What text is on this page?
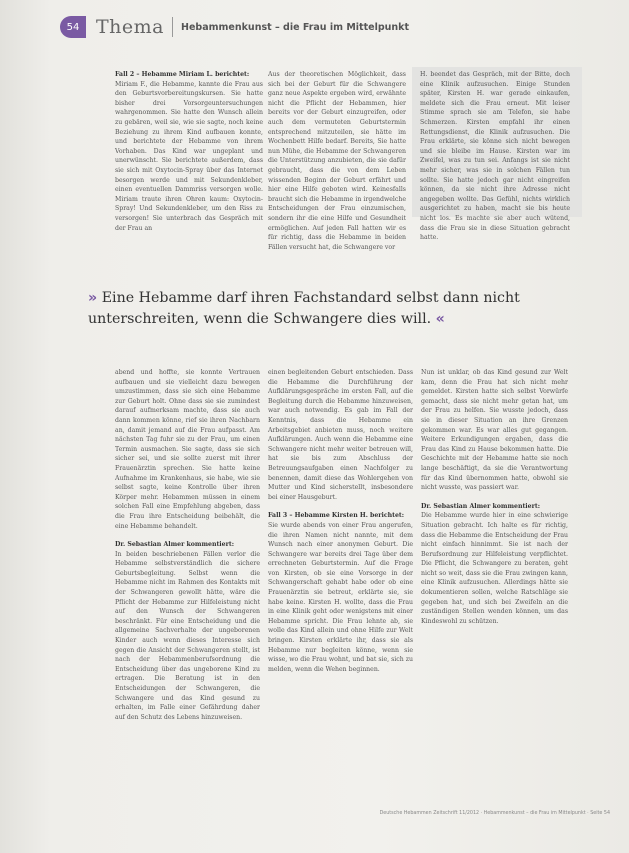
54 Thema Hebammenkunst – die Frau im Mittelpunkt

Fall 2 – Hebamme Miriam L. berichtet:

Miriam F., die Hebamme, kannte die Frau aus den Geburtsvorbereitungskursen. Sie hatte bisher drei Vorsorgeuntersuchungen wahrgenommen. Sie hatte den Wunsch allein zu gebären, weil sie, wie sie sagte, noch keine Beziehung zu ihrem Kind aufbauen konnte, und berichtete der Hebamme von ihrem Vorhaben. Das Kind war ungeplant und unerwünscht. Sie berichtete außerdem, dass sie sich mit Oxytocin-Spray über das Internet besorgen werde und mit Sekundenkleber, einen eventuellen Dammriss versorgen wolle. Miriam traute ihren Ohren kaum: Oxytocin-Spray! Und Sekundenkleber, um den Riss zu versorgen! Sie unterbrach das Gespräch mit der Frau an

Aus der theoretischen Möglichkeit, dass sich bei der Geburt für die Schwangere ganz neue Aspekte ergeben wird, erwähnte nicht die Pflicht der Hebammen, hier bereits vor der Geburt einzugreifen, oder auch dem vermuteten Geburtstermin entsprechend mitzuteilen, sie hätte im Wochenbett Hilfe bedarf. Bereits, Sie hatte nun Mühe, die Hebamme der Schwangeren die Unterstützung anzubieten, die sie dafür gebraucht, dass die von dem Leben wissenden Beginn der Geburt erfährt und hier eine Hilfe geboten wird. Keinesfalls braucht sich die Hebamme in irgendwelche Entscheidungen der Frau einzumischen, sondern ihr die eine Hilfe und Gesundheit ermöglichen. Auf jeden Fall hatten wir es für richtig, dass die Hebamme in beiden Fällen versucht hat, die Schwangere vor

H. beendet das Gespräch, mit der Bitte, doch eine Klinik aufzusuchen. Einige Stunden später, Kirsten H. war gerade einkaufen, meldete sich die Frau erneut. Mit leiser Stimme sprach sie am Telefon, sie habe Schmerzen. Kirsten empfahl ihr einen Rettungsdienst, die Klinik aufzusuchen. Die Frau erklärte, sie könne sich nicht bewegen und sie bleibe im Hause. Kirsten war im Zweifel, was zu tun sei. Anfangs ist sie nicht mehr sicher, was sie in solchen Fällen tun sollte. Sie hatte jedoch gar nicht eingreifen können, da sie nicht ihre Adresse nicht angegeben wollte. Das Gefühl, nichts wirklich ausgerichtet zu haben, macht sie bis heute nicht los. Es machte sie aber auch wütend, dass die Frau sie in diese Situation gebracht hatte.

» Eine Hebamme darf ihren Fachstandard selbst dann nicht unterschreiten, wenn die Schwangere dies will. «

abend und hoffte, sie konnte Vertrauen aufbauen und sie vielleicht dazu bewegen umzustimmen, dass sie sich eine Hebamme zur Geburt holt. Ohne dass sie sie zumindest darauf aufmerksam machte, dass sie auch dann kommen könne, rief sie ihren Nachbarn an, damit jemand auf die Frau aufpasst. Am nächsten Tag fuhr sie zu der Frau, um einen Termin ausmachen. Sie sagte, dass sie sich sicher sei, und sie sollte zuerst mit ihrer Frauenärztin sprechen. Sie hatte keine Aufnahme im Krankenhaus, sie habe, wie sie selbst sagte, keine Kontrolle über ihren Körper mehr. Hebammen müssen in einem solchen Fall eine Empfehlung abgeben, dass die Frau ihre Entscheidung beibehält, die eine Hebamme behandelt.

Dr. Sebastian Almer kommentiert:

In beiden beschriebenen Fällen verlor die Hebamme selbstverständlich die sichere Geburtsbegleitung. Selbst wenn die Hebamme nicht im Rahmen des Kontakts mit der Schwangeren gewollt hätte, wäre die Pflicht der Hebamme zur Hilfeleistung nicht auf den Wunsch der Schwangeren beschränkt. Für eine Entscheidung und die allgemeine Sachverhalte der ungeborenen Kinder auch wenn dieses Interesse sich gegen die Ansicht der Schwangeren stellt, ist nach der Hebammenberufsordnung die Entscheidung über das ungeborene Kind zu ertragen. Die Beratung ist in den Entscheidungen der Schwangeren, die Schwangere und das Kind gesund zu erhalten, im Falle einer Gefährdung daher auf den Schutz des Lebens hinzuweisen.

einen begleitenden Geburt entschieden. Dass die Hebamme die Durchführung der Aufklärungsgespräche im ersten Fall, auf die Begleitung durch die Hebamme hinzuweisen, war auch notwendig. Es gab im Fall der Kenntnis, dass die Hebamme ein Arbeitsgebiet anbieten muss, noch weitere Aufklärungen. Auch wenn die Hebamme eine Schwangere nicht mehr weiter betreuen will, hat sie bis zum Abschluss der Betreuungsaufgaben einen Nachfolger zu benennen, damit diese das Wohlergehen von Mutter und Kind sicherstellt, insbesondere bei einer Hausgeburt.

Fall 3 – Hebamme Kirsten H. berichtet:

Sie wurde abends von einer Frau angerufen, die ihren Namen nicht nannte, mit dem Wunsch nach einer anonymen Geburt. Die Schwangere war bereits drei Tage über dem errechneten Geburtstermin. Auf die Frage von Kirsten, ob sie eine Vorsorge in der Schwangerschaft gehabt habe oder ob eine Frauenärztin sie betreut, erklärte sie, sie habe keine. Kirsten H. wollte, dass die Frau in eine Klinik geht oder wenigstens mit einer Hebamme spricht. Die Frau lehnte ab, sie wolle das Kind allein und ohne Hilfe zur Welt bringen. Kirsten erklärte ihr, dass sie als Hebamme nur begleiten könne, wenn sie wisse, wo die Frau wohnt, und bat sie, sich zu melden, wenn die Wehen beginnen.

Nun ist unklar, ob das Kind gesund zur Welt kam, denn die Frau hat sich nicht mehr gemeldet. Kirsten hatte sich selbst Vorwürfe gemacht, dass sie nicht mehr getan hat, um der Frau zu helfen. Sie wusste jedoch, dass sie in dieser Situation an ihre Grenzen gekommen war. Es war alles gut gegangen. Weitere Erkundigungen ergaben, dass die Frau das Kind zu Hause bekommen hatte. Die Geschichte mit der Hebamme hatte sie noch lange beschäftigt, da sie die Verantwortung für das Kind übernommen hatte, obwohl sie nicht wusste, was passiert war.

Dr. Sebastian Almer kommentiert:

Die Hebamme wurde hier in eine schwierige Situation gebracht. Ich halte es für richtig, dass die Hebamme die Entscheidung der Frau nicht einfach hinnimmt. Sie ist nach der Berufsordnung zur Hilfeleistung verpflichtet. Die Pflicht, die Schwangere zu beraten, geht nicht so weit, dass sie die Frau zwingen kann, eine Klinik aufzusuchen. Allerdings hätte sie dokumentieren sollen, welche Ratschläge sie gegeben hat, und sich bei Zweifeln an die zuständigen Stellen wenden können, um das Kindeswohl zu schützen.

Deutsche Hebammen Zeitschrift 11/2012 · Hebammenkunst – die Frau im Mittelpunkt · Seite 54
